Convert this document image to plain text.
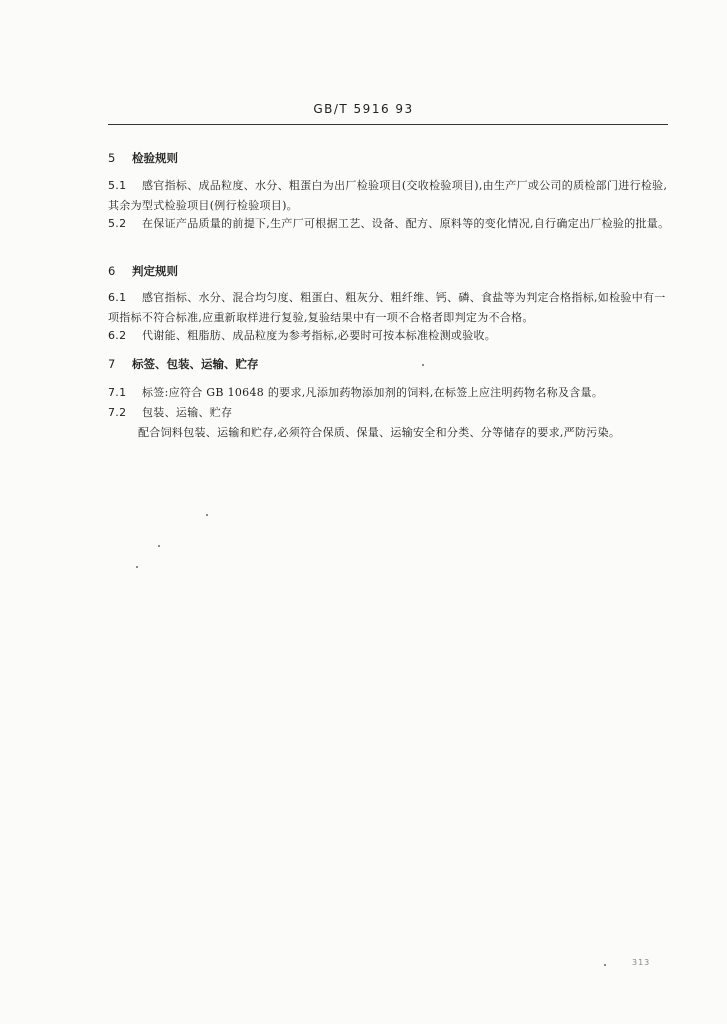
GB/T 5916 93
5 检验规则
5.1 感官指标、成品粒度、水分、粗蛋白为出厂检验项目(交收检验项目),由生产厂或公司的质检部门进行检验,其余为型式检验项目(例行检验项目)。
5.2 在保证产品质量的前提下,生产厂可根据工艺、设备、配方、原料等的变化情况,自行确定出厂检验的批量。
6 判定规则
6.1 感官指标、水分、混合均匀度、粗蛋白、粗灰分、粗纤维、钙、磷、食盐等为判定合格指标,如检验中有一项指标不符合标准,应重新取样进行复验,复验结果中有一项不合格者即判定为不合格。
6.2 代谢能、粗脂肪、成品粒度为参考指标,必要时可按本标准检测或验收。
7 标签、包装、运输、贮存
7.1 标签:应符合 GB 10648 的要求,凡添加药物添加剂的饲料,在标签上应注明药物名称及含量。
7.2 包装、运输、贮存
配合饲料包装、运输和贮存,必须符合保质、保量、运输安全和分类、分等储存的要求,严防污染。
313
